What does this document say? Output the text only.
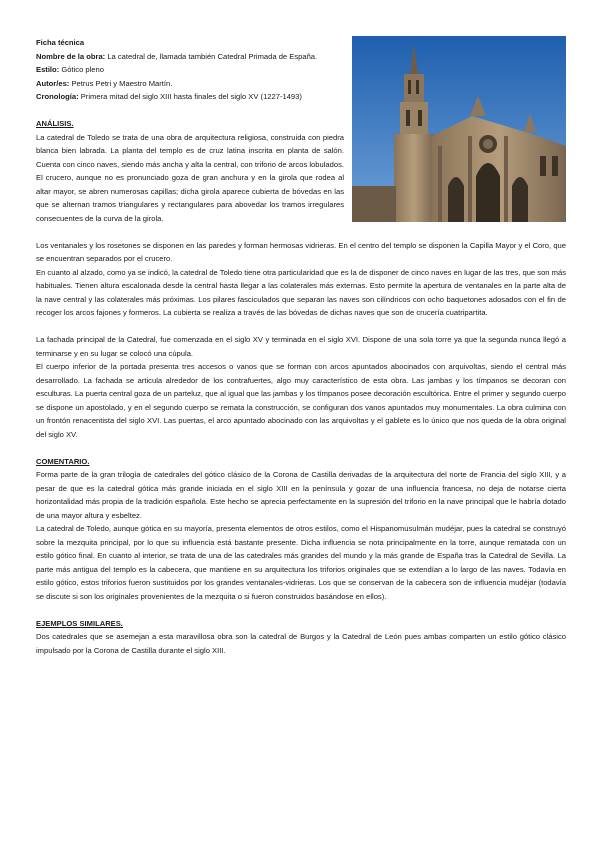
Ficha técnica

Nombre de la obra: La catedral de, llamada también Catedral Primada de España.

Estilo: Gótico pleno

Autor/es: Petrus Petri y Maestro Martín.

Cronología: Primera mitad del siglo XIII hasta finales del siglo XV (1227-1493)

ANÁLISIS.

La catedral de Toledo se trata de una obra de arquitectura religiosa, construida con piedra blanca bien labrada. La planta del templo es de cruz latina inscrita en planta de salón. Cuenta con cinco naves, siendo más ancha y alta la central, con triforio de arcos lobulados. El crucero, aunque no es pronunciado goza de gran anchura y en la girola que rodea al altar mayor, se abren numerosas capillas; dicha girola aparece cubierta de bóvedas en las que se alternan tramos triangulares y rectangulares para abovedar los tramos irregulares consecuentes de la curva de la girola.

Los ventanales y los rosetones se disponen en las paredes y forman hermosas vidrieras. En el centro del templo se disponen la Capilla Mayor y el Coro, que se encuentran separados por el crucero.

En cuanto al alzado, como ya se indicó, la catedral de Toledo tiene otra particularidad que es la de disponer de cinco naves en lugar de las tres, que son más habituales. Tienen altura escalonada desde la central hasta llegar a las colaterales más externas. Esto permite la apertura de ventanales en la parte alta de la nave central y las colaterales más próximas. Los pilares fasciculados que separan las naves son cilíndricos con ocho baquetones adosados con el fin de recoger los arcos fajones y formeros. La cubierta se realiza a través de las bóvedas de dichas naves que son de crucería cuatripartita.

La fachada principal de la Catedral, fue comenzada en el siglo XV y terminada en el siglo XVI. Dispone de una sola torre ya que la segunda nunca llegó a terminarse y en su lugar se colocó una cúpula.

El cuerpo inferior de la portada presenta tres accesos o vanos que se forman con arcos apuntados abocinados con arquivoltas, siendo el central más desarrollado. La fachada se articula alrededor de los contrafuertes, algo muy característico de esta obra. Las jambas y los tímpanos se decoran con esculturas. La puerta central goza de un parteluz, que al igual que las jambas y los tímpanos posee decoración escultórica. Entre el primer y segundo cuerpo se dispone un apostolado, y en el segundo cuerpo se remata la construcción, se configuran dos vanos apuntados muy monumentales. La obra culmina con un frontón renacentista del siglo XVI. Las puertas, el arco apuntado abocinado con las arquivoltas y el gablete es lo único que nos queda de la obra original del siglo XV.

COMENTARIO.

Forma parte de la gran trilogía de catedrales del gótico clásico de la Corona de Castilla derivadas de la arquitectura del norte de Francia del siglo XIII, y a pesar de que es la catedral gótica más grande iniciada en el siglo XIII en la península y gozar de una influencia francesa, no deja de notarse cierta horizontalidad más propia de la tradición española. Este hecho se aprecia perfectamente en la supresión del triforio en la nave principal que le habría dotado de una mayor altura y esbeltez.

La catedral de Toledo, aunque gótica en su mayoría, presenta elementos de otros estilos, como el Hispanomusulmán mudéjar, pues la catedral se construyó sobre la mezquita principal, por lo que su influencia está bastante presente. Dicha influencia se nota principalmente en la torre, aunque rematada con un estilo gótico final. En cuanto al interior, se trata de una de las catedrales más grandes del mundo y la más grande de España tras la Catedral de Sevilla. La parte más antigua del templo es la cabecera, que mantiene en su arquitectura los triforios originales que se extendían a lo largo de las naves. Todavía en estilo gótico, estos triforios fueron sustituidos por los grandes ventanales-vidrieras. Los que se conservan de la cabecera son de influencia mudéjar (todavía se discute si son los originales provenientes de la mezquita o si fueron construidos basándose en ellos).

EJEMPLOS SIMILARES.

Dos catedrales que se asemejan a esta maravillosa obra son la catedral de Burgos y la Catedral de León pues ambas comparten un estilo gótico clásico impulsado por la Corona de Castilla durante el siglo XIII.
